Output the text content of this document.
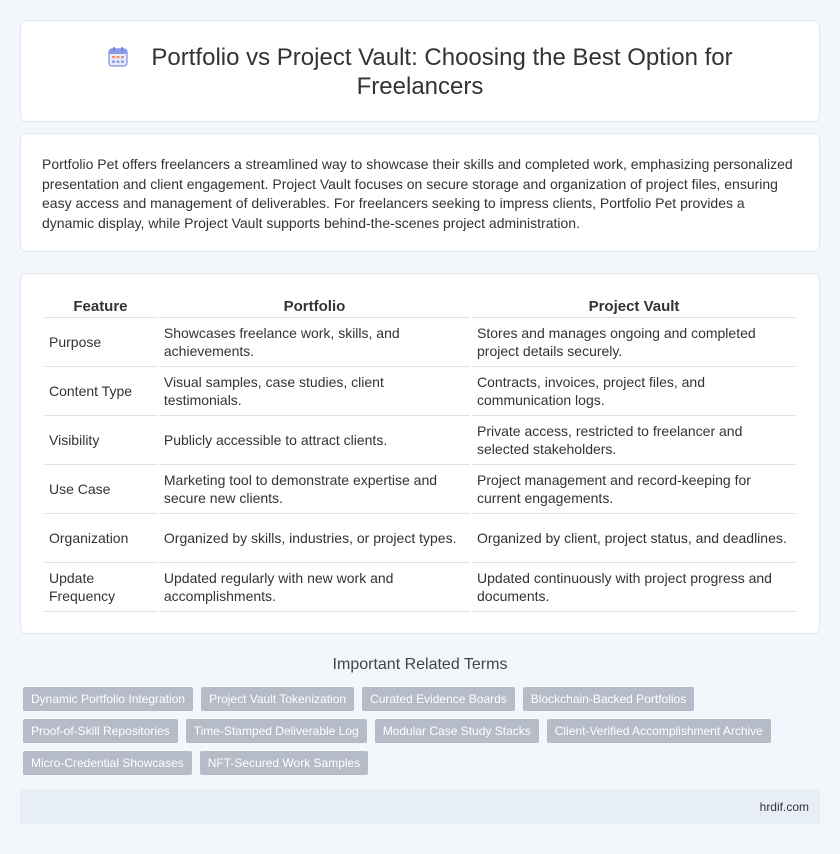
Portfolio vs Project Vault: Choosing the Best Option for Freelancers

Portfolio Pet offers freelancers a streamlined way to showcase their skills and completed work, emphasizing personalized presentation and client engagement. Project Vault focuses on secure storage and organization of project files, ensuring easy access and management of deliverables. For freelancers seeking to impress clients, Portfolio Pet provides a dynamic display, while Project Vault supports behind-the-scenes project administration.

Feature	Portfolio	Project Vault
Purpose	Showcases freelance work, skills, and achievements.	Stores and manages ongoing and completed project details securely.
Content Type	Visual samples, case studies, client testimonials.	Contracts, invoices, project files, and communication logs.
Visibility	Publicly accessible to attract clients.	Private access, restricted to freelancer and selected stakeholders.
Use Case	Marketing tool to demonstrate expertise and secure new clients.	Project management and record-keeping for current engagements.
Organization	Organized by skills, industries, or project types.	Organized by client, project status, and deadlines.
Update Frequency	Updated regularly with new work and accomplishments.	Updated continuously with project progress and documents.
Important Related Terms
Dynamic Portfolio Integration	Project Vault Tokenization	Curated Evidence Boards	Blockchain-Backed Portfolios
Proof-of-Skill Repositories	Time-Stamped Deliverable Log	Modular Case Study Stacks	Client-Verified Accomplishment Archive
Micro-Credential Showcases	NFT-Secured Work Samples
hrdif.com
